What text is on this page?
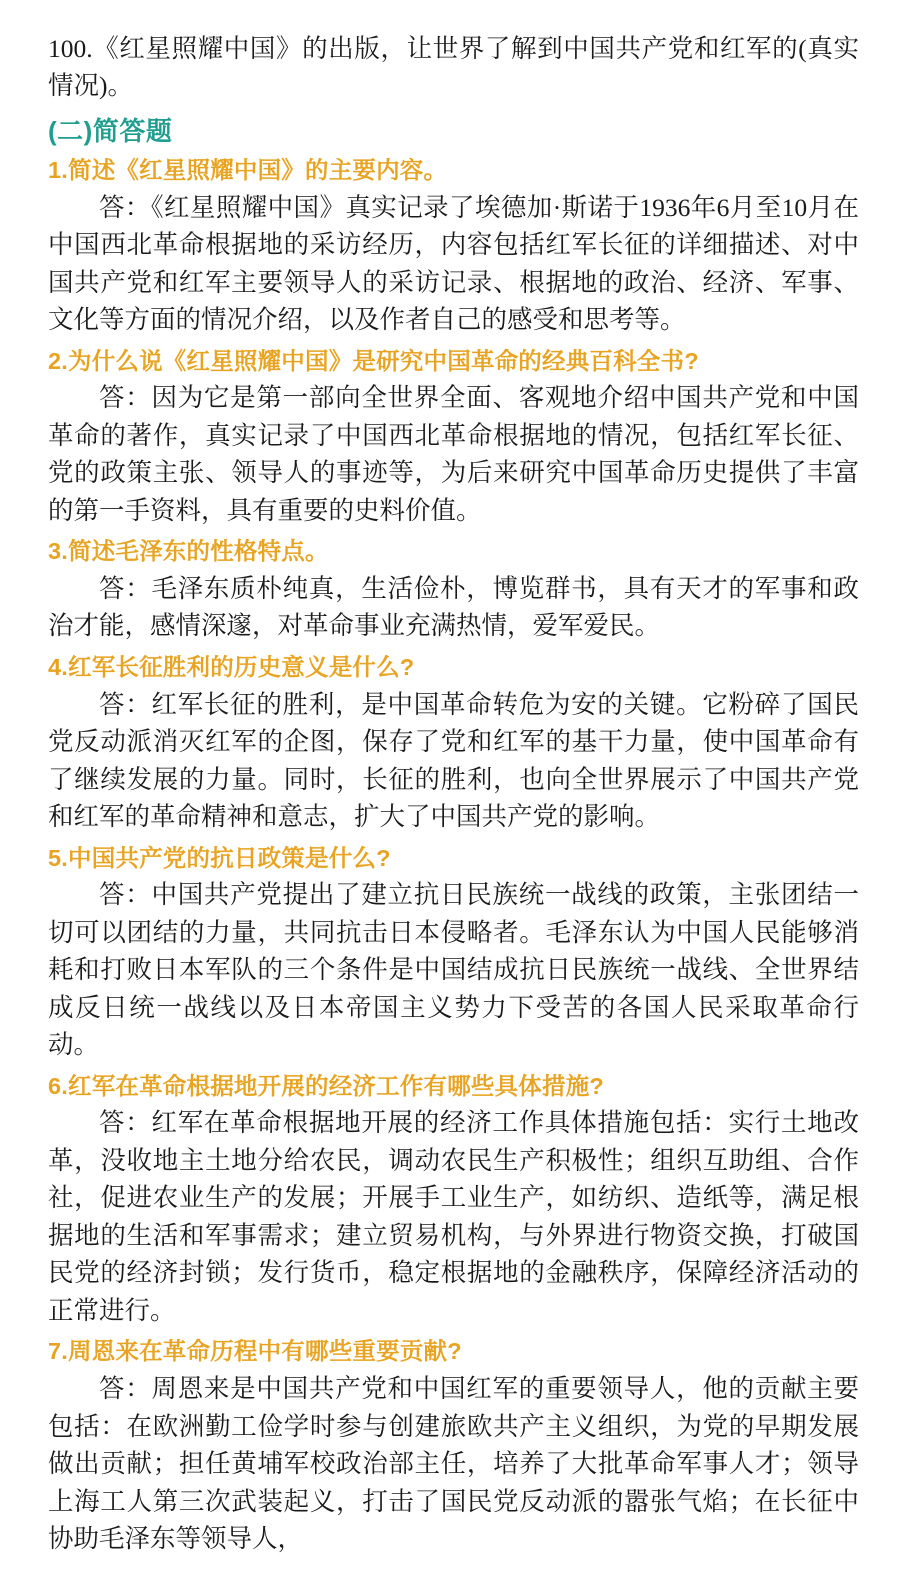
100.《红星照耀中国》的出版，让世界了解到中国共产党和红军的(真实情况)。

(二)简答题

1.简述《红星照耀中国》的主要内容。

答：《红星照耀中国》真实记录了埃德加·斯诺于1936年6月至10月在中国西北革命根据地的采访经历，内容包括红军长征的详细描述、对中国共产党和红军主要领导人的采访记录、根据地的政治、经济、军事、文化等方面的情况介绍，以及作者自己的感受和思考等。

2.为什么说《红星照耀中国》是研究中国革命的经典百科全书?

答：因为它是第一部向全世界全面、客观地介绍中国共产党和中国革命的著作，真实记录了中国西北革命根据地的情况，包括红军长征、党的政策主张、领导人的事迹等，为后来研究中国革命历史提供了丰富的第一手资料，具有重要的史料价值。

3.简述毛泽东的性格特点。

答：毛泽东质朴纯真，生活俭朴，博览群书，具有天才的军事和政治才能，感情深邃，对革命事业充满热情，爱军爱民。

4.红军长征胜利的历史意义是什么?

答：红军长征的胜利，是中国革命转危为安的关键。它粉碎了国民党反动派消灭红军的企图，保存了党和红军的基干力量，使中国革命有了继续发展的力量。同时，长征的胜利，也向全世界展示了中国共产党和红军的革命精神和意志，扩大了中国共产党的影响。

5.中国共产党的抗日政策是什么?

答：中国共产党提出了建立抗日民族统一战线的政策，主张团结一切可以团结的力量，共同抗击日本侵略者。毛泽东认为中国人民能够消耗和打败日本军队的三个条件是中国结成抗日民族统一战线、全世界结成反日统一战线以及日本帝国主义势力下受苦的各国人民采取革命行动。

6.红军在革命根据地开展的经济工作有哪些具体措施?

答：红军在革命根据地开展的经济工作具体措施包括：实行土地改革，没收地主土地分给农民，调动农民生产积极性；组织互助组、合作社，促进农业生产的发展；开展手工业生产，如纺织、造纸等，满足根据地的生活和军事需求；建立贸易机构，与外界进行物资交换，打破国民党的经济封锁；发行货币，稳定根据地的金融秩序，保障经济活动的正常进行。

7.周恩来在革命历程中有哪些重要贡献?

答：周恩来是中国共产党和中国红军的重要领导人，他的贡献主要包括：在欧洲勤工俭学时参与创建旅欧共产主义组织，为党的早期发展做出贡献；担任黄埔军校政治部主任，培养了大批革命军事人才；领导上海工人第三次武装起义，打击了国民党反动派的嚣张气焰；在长征中协助毛泽东等领导人，
